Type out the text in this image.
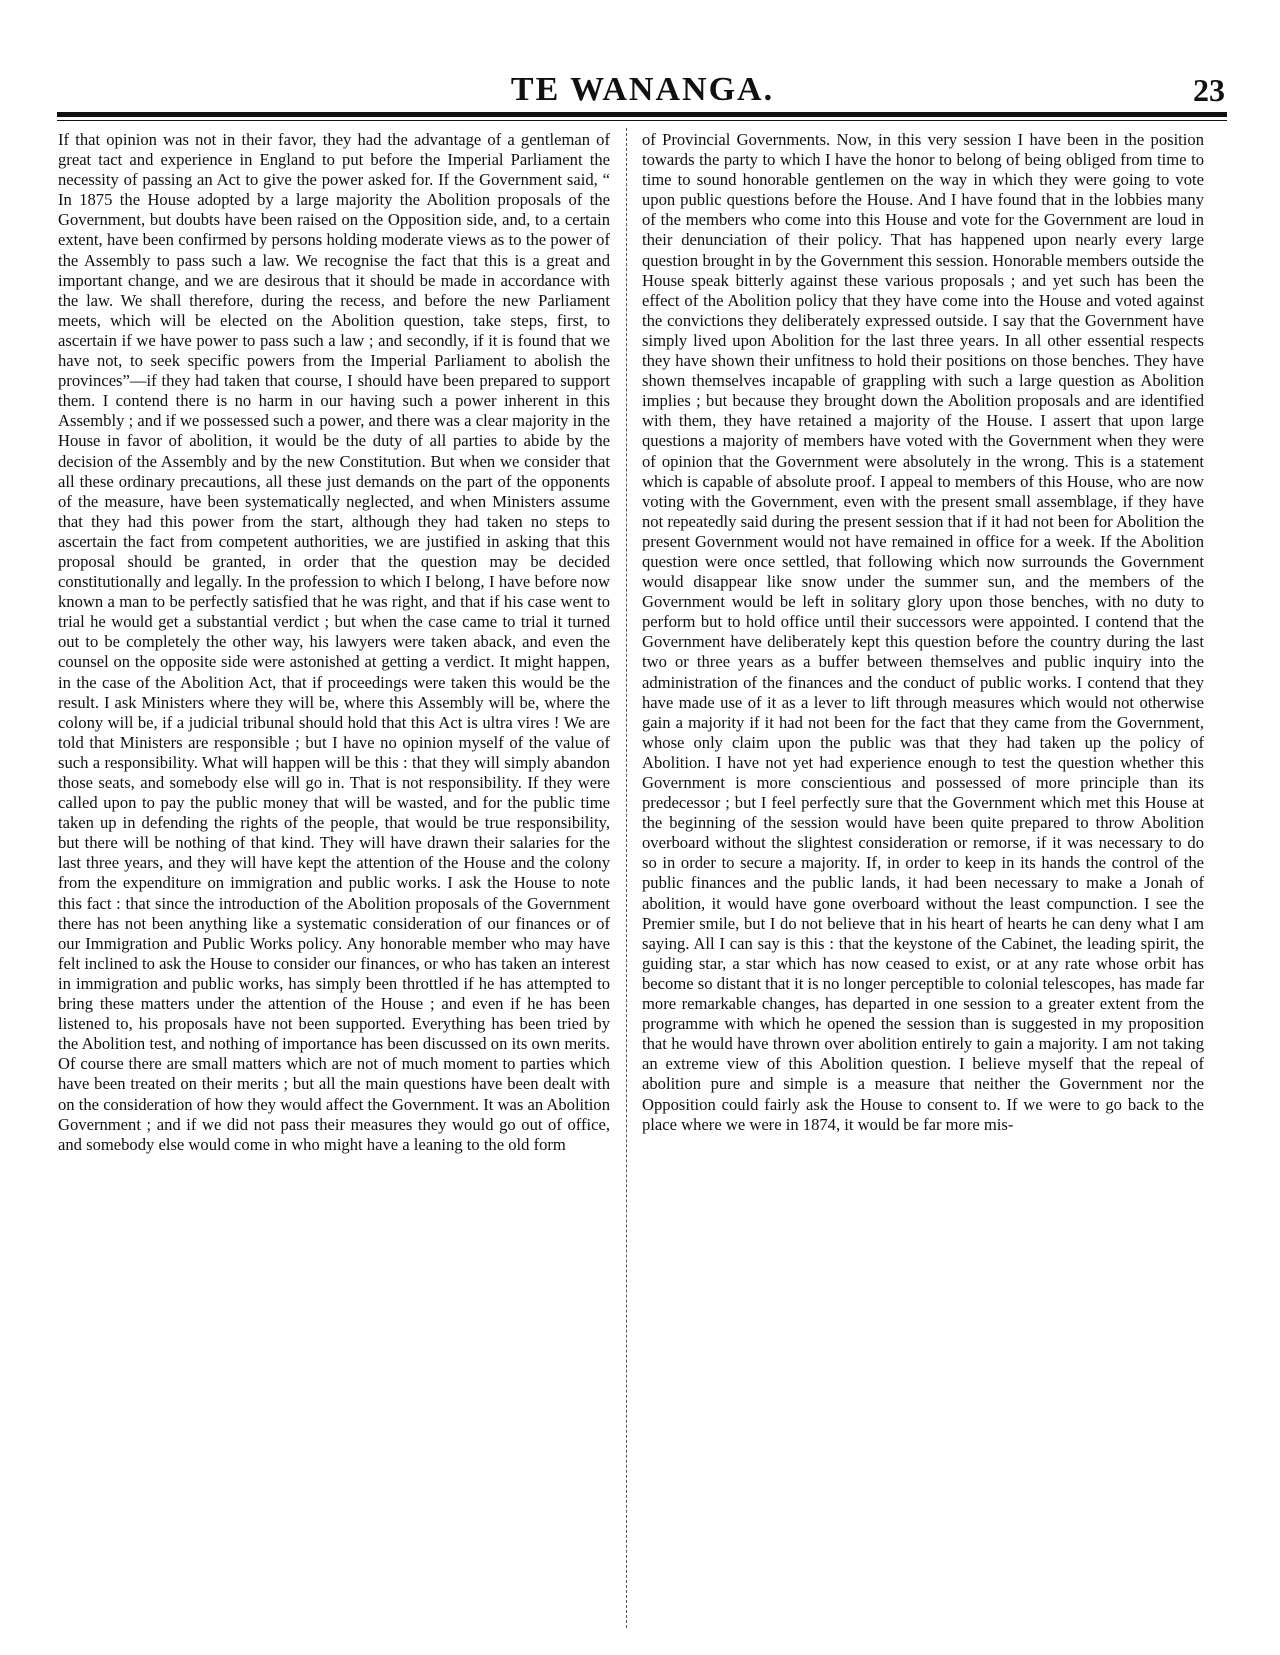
TE WANANGA.	23

If that opinion was not in their favor, they had the advantage of a gentleman of great tact and experience in England to put before the Imperial Parliament the necessity of passing an Act to give the power asked for. If the Government said, “ In 1875 the House adopted by a large majority the Abolition proposals of the Government, but doubts have been raised on the Opposition side, and, to a certain extent, have been confirmed by persons holding moderate views as to the power of the Assembly to pass such a law. We recognise the fact that this is a great and important change, and we are desirous that it should be made in accordance with the law. We shall therefore, during the recess, and before the new Parliament meets, which will be elected on the Abolition question, take steps, first, to ascertain if we have power to pass such a law ; and secondly, if it is found that we have not, to seek specific powers from the Imperial Parliament to abolish the provinces”—if they had taken that course, I should have been prepared to support them. I contend there is no harm in our having such a power inherent in this Assembly ; and if we possessed such a power, and there was a clear majority in the House in favor of abolition, it would be the duty of all parties to abide by the decision of the Assembly and by the new Constitution. But when we consider that all these ordinary precautions, all these just demands on the part of the opponents of the measure, have been systematically neglected, and when Ministers assume that they had this power from the start, although they had taken no steps to ascertain the fact from competent authorities, we are justified in asking that this proposal should be granted, in order that the question may be decided constitutionally and legally. In the profession to which I belong, I have before now known a man to be perfectly satisfied that he was right, and that if his case went to trial he would get a substantial verdict ; but when the case came to trial it turned out to be completely the other way, his lawyers were taken aback, and even the counsel on the opposite side were astonished at getting a verdict. It might happen, in the case of the Abolition Act, that if proceedings were taken this would be the result. I ask Ministers where they will be, where this Assembly will be, where the colony will be, if a judicial tribunal should hold that this Act is ultra vires ! We are told that Ministers are responsible ; but I have no opinion myself of the value of such a responsibility. What will happen will be this : that they will simply abandon those seats, and somebody else will go in. That is not responsibility. If they were called upon to pay the public money that will be wasted, and for the public time taken up in defending the rights of the people, that would be true responsibility, but there will be nothing of that kind. They will have drawn their salaries for the last three years, and they will have kept the attention of the House and the colony from the expenditure on immigration and public works. I ask the House to note this fact : that since the introduction of the Abolition proposals of the Government there has not been anything like a systematic consideration of our finances or of our Immigration and Public Works policy. Any honorable member who may have felt inclined to ask the House to consider our finances, or who has taken an interest in immigration and public works, has simply been throttled if he has attempted to bring these matters under the attention of the House ; and even if he has been listened to, his proposals have not been supported. Everything has been tried by the Abolition test, and nothing of importance has been discussed on its own merits. Of course there are small matters which are not of much moment to parties which have been treated on their merits ; but all the main questions have been dealt with on the consideration of how they would affect the Government. It was an Abolition Government ; and if we did not pass their measures they would go out of office, and somebody else would come in who might have a leaning to the old form

of Provincial Governments. Now, in this very session I have been in the position towards the party to which I have the honor to belong of being obliged from time to time to sound honorable gentlemen on the way in which they were going to vote upon public questions before the House. And I have found that in the lobbies many of the members who come into this House and vote for the Government are loud in their denunciation of their policy. That has happened upon nearly every large question brought in by the Government this session. Honorable members outside the House speak bitterly against these various proposals ; and yet such has been the effect of the Abolition policy that they have come into the House and voted against the convictions they deliberately expressed outside. I say that the Government have simply lived upon Abolition for the last three years. In all other essential respects they have shown their unfitness to hold their positions on those benches. They have shown themselves incapable of grappling with such a large question as Abolition implies ; but because they brought down the Abolition proposals and are identified with them, they have retained a majority of the House. I assert that upon large questions a majority of members have voted with the Government when they were of opinion that the Government were absolutely in the wrong. This is a statement which is capable of absolute proof. I appeal to members of this House, who are now voting with the Government, even with the present small assemblage, if they have not repeatedly said during the present session that if it had not been for Abolition the present Government would not have remained in office for a week. If the Abolition question were once settled, that following which now surrounds the Government would disappear like snow under the summer sun, and the members of the Government would be left in solitary glory upon those benches, with no duty to perform but to hold office until their successors were appointed. I contend that the Government have deliberately kept this question before the country during the last two or three years as a buffer between themselves and public inquiry into the administration of the finances and the conduct of public works. I contend that they have made use of it as a lever to lift through measures which would not otherwise gain a majority if it had not been for the fact that they came from the Government, whose only claim upon the public was that they had taken up the policy of Abolition. I have not yet had experience enough to test the question whether this Government is more conscientious and possessed of more principle than its predecessor ; but I feel perfectly sure that the Government which met this House at the beginning of the session would have been quite prepared to throw Abolition overboard without the slightest consideration or remorse, if it was necessary to do so in order to secure a majority. If, in order to keep in its hands the control of the public finances and the public lands, it had been necessary to make a Jonah of abolition, it would have gone overboard without the least compunction. I see the Premier smile, but I do not believe that in his heart of hearts he can deny what I am saying. All I can say is this : that the keystone of the Cabinet, the leading spirit, the guiding star, a star which has now ceased to exist, or at any rate whose orbit has become so distant that it is no longer perceptible to colonial telescopes, has made far more remarkable changes, has departed in one session to a greater extent from the programme with which he opened the session than is suggested in my proposition that he would have thrown over abolition entirely to gain a majority. I am not taking an extreme view of this Abolition question. I believe myself that the repeal of abolition pure and simple is a measure that neither the Government nor the Opposition could fairly ask the House to consent to. If we were to go back to the place where we were in 1874, it would be far more mis-
